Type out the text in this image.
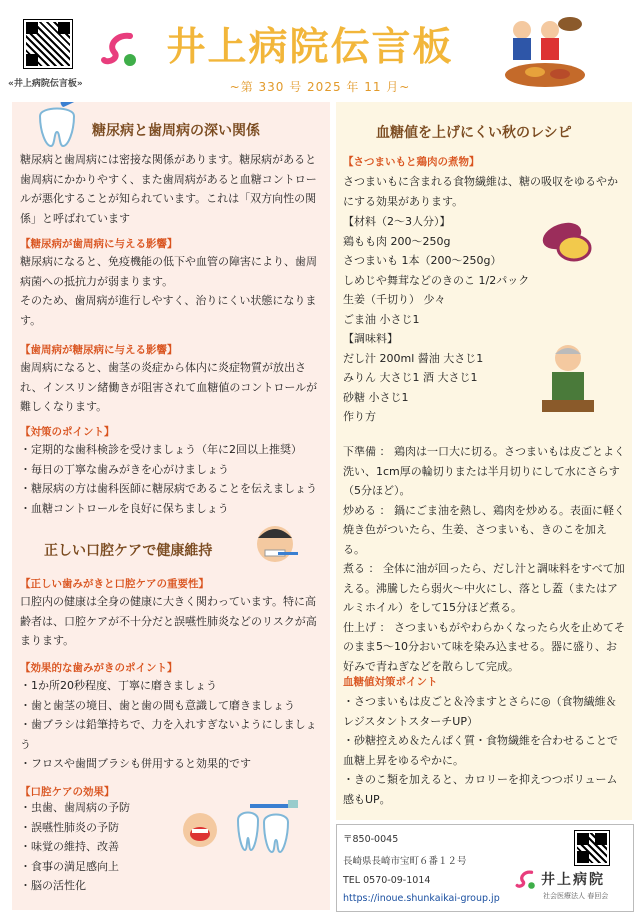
«井上病院伝言板»
井上病院伝言板
~第 330 号 2025 年 11 月~
糖尿病と歯周病の深い関係

糖尿病と歯周病には密接な関係があります。糖尿病があると歯周病にかかりやすく、また歯周病があると血糖コントロールが悪化することが知られています。これは「双方向性の関係」と呼ばれています

【糖尿病が歯周病に与える影響】

糖尿病になると、免疫機能の低下や血管の障害により、歯周病菌への抵抗力が弱まります。

そのため、歯周病が進行しやすく、治りにくい状態になります。

【歯周病が糖尿病に与える影響】

歯周病になると、歯茎の炎症から体内に炎症物質が放出され、インスリン緒働きが阻害されて血糖値のコントロールが難しくなります。

【対策のポイント】

・定期的な歯科検診を受けましょう（年に2回以上推奨）

・毎日の丁寧な歯みがきを心がけましょう

・糖尿病の方は歯科医師に糖尿病であることを伝えましょう

・血糖コントロールを良好に保ちましょう

正しい口腔ケアで健康維持
【正しい歯みがきと口腔ケアの重要性】

口腔内の健康は全身の健康に大きく関わっています。特に高齢者は、口腔ケアが不十分だと誤嚥性肺炎などのリスクが高まります。

【効果的な歯みがきのポイント】

・1か所20秒程度、丁寧に磨きましょう

・歯と歯茎の境目、歯と歯の間も意識して磨きましょう

・歯ブラシは鉛筆持ちで、力を入れすぎないようにしましょう

・フロスや歯間ブラシも併用すると効果的です

【口腔ケアの効果】

・虫歯、歯周病の予防

・誤嚥性肺炎の予防

・味覚の維持、改善

・食事の満足感向上

・脳の活性化

血糖値を上げにくい秋のレシピ
【さつまいもと鶏肉の煮物】

さつまいもに含まれる食物繊維は、糖の吸収をゆるやかにする効果があります。

【材料（2～3人分）】

鶏もも肉 200～250g

さつまいも 1本（200～250g）

しめじや舞茸などのきのこ 1/2パック

生姜（千切り） 少々

ごま油 小さじ1

【調味料】

だし汁 200ml 醤油 大さじ1

みりん 大さじ1 酒 大さじ1

砂糖 小さじ1

作り方

下準備 ： 鶏肉は一口大に切る。さつまいもは皮ごとよく洗い、1cm厚の輪切りまたは半月切りにして水にさらす（5分ほど）。

炒める ： 鍋にごま油を熱し、鶏肉を炒める。表面に軽く焼き色がついたら、生姜、さつまいも、きのこを加える。

煮る ： 全体に油が回ったら、だし汁と調味料をすべて加える。沸騰したら弱火～中火にし、落とし蓋（またはアルミホイル）をして15分ほど煮る。

仕上げ ： さつまいもがやわらかくなったら火を止めてそのまま5～10分おいて味を染み込ませる。器に盛り、お好みで青ねぎなどを散らして完成。

血糖値対策ポイント

・さつまいもは皮ごと＆冷ますとさらに◎（食物繊維＆レジスタントスターチUP）

・砂糖控えめ＆たんぱく質・食物繊維を合わせることで血糖上昇をゆるやかに。

・きのこ類を加えると、カロリーを抑えつつボリューム感もUP。

〒850-0045
長崎県長崎市宝町６番１２号
TEL 0570-09-1014
https://inoue.shunkaikai-group.jp
井上病院
社会医療法人 春回会
